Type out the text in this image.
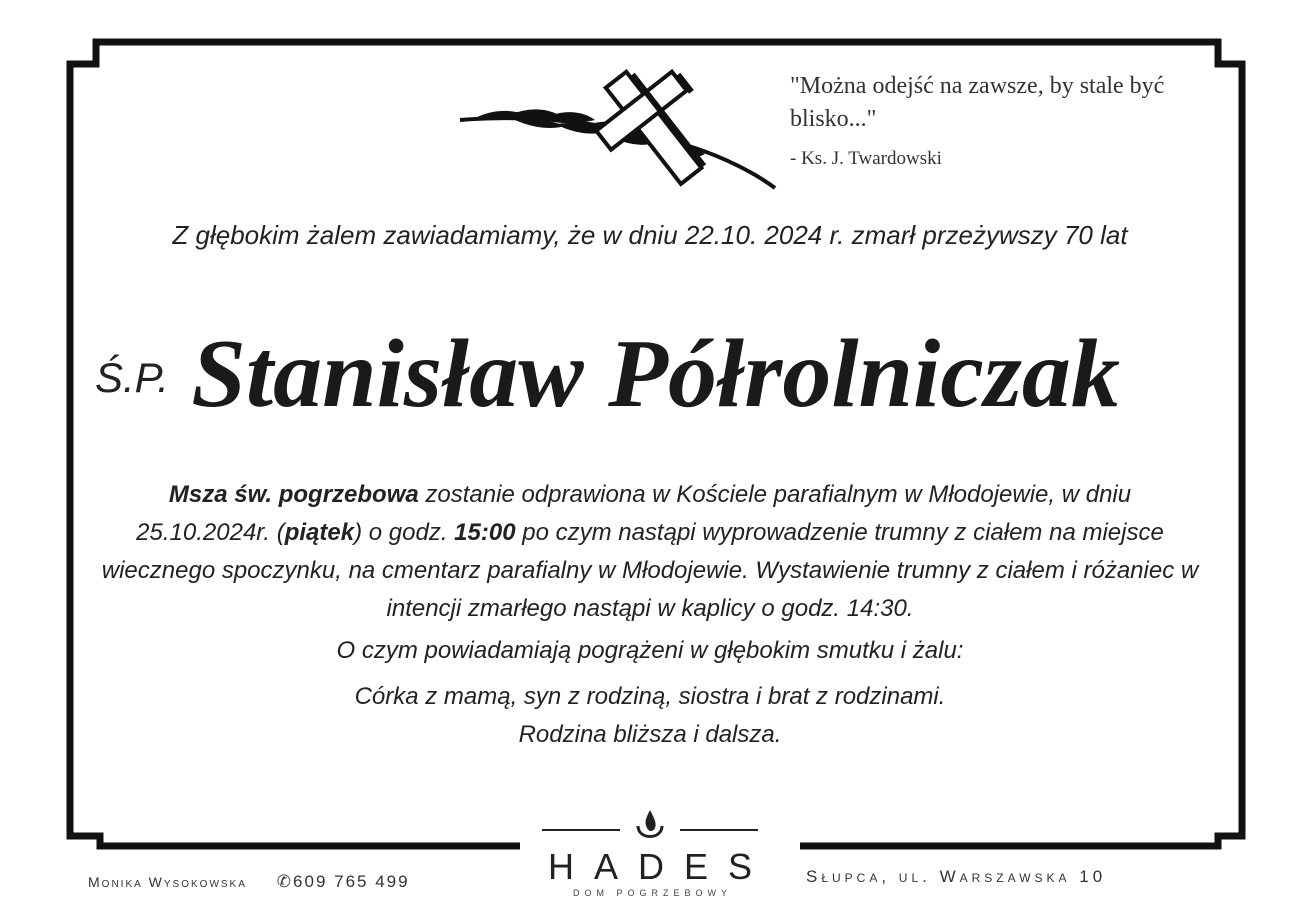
"Można odejść na zawsze, by stale być blisko..."
- Ks. J. Twardowski
Z głębokim żalem zawiadamiamy, że w dniu 22.10. 2024 r. zmarł przeżywszy 70 lat
Ś.P. Stanisław Półrolniczak
Msza św. pogrzebowa zostanie odprawiona w Kościele parafialnym w Młodojewie, w dniu 25.10.2024r. (piątek) o godz. 15:00 po czym nastąpi wyprowadzenie trumny z ciałem na miejsce wiecznego spoczynku, na cmentarz parafialny w Młodojewie. Wystawienie trumny z ciałem i różaniec w intencji zmarłego nastąpi w kaplicy o godz. 14:30.
O czym powiadamiają pogrążeni w głębokim smutku i żalu:
Córka z mamą, syn z rodziną, siostra i brat z rodzinami.
Rodzina bliższa i dalsza.
Monika Wysokowska ✆609 765 499	HADES
DOM POGRZEBOWY
Słupca, ul. Warszawska 10
